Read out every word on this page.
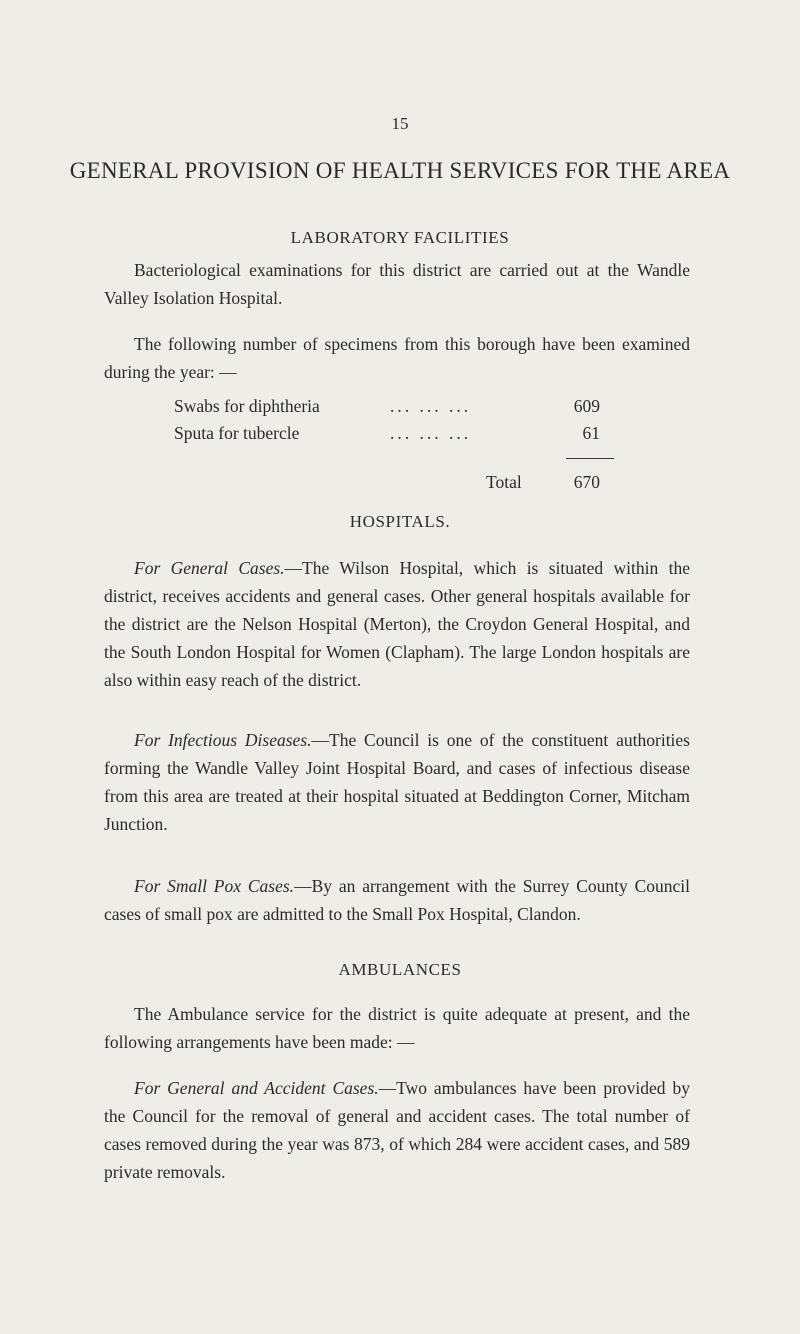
15
GENERAL PROVISION OF HEALTH SERVICES FOR THE AREA
LABORATORY FACILITIES

Bacteriological examinations for this district are carried out at the Wandle Valley Isolation Hospital.

The following number of specimens from this borough have been examined during the year: —

Swabs for diphtheria	... ... ...	609
Sputa for tubercle	... ... ...	61
Total	670
HOSPITALS.

For General Cases.—The Wilson Hospital, which is situated within the district, receives accidents and general cases. Other general hospitals available for the district are the Nelson Hospital (Merton), the Croydon General Hospital, and the South London Hospital for Women (Clapham). The large London hospitals are also within easy reach of the district.

For Infectious Diseases.—The Council is one of the constituent authorities forming the Wandle Valley Joint Hospital Board, and cases of infectious disease from this area are treated at their hospital situated at Beddington Corner, Mitcham Junction.

For Small Pox Cases.—By an arrangement with the Surrey County Council cases of small pox are admitted to the Small Pox Hospital, Clandon.

AMBULANCES

The Ambulance service for the district is quite adequate at present, and the following arrangements have been made: —

For General and Accident Cases.—Two ambulances have been provided by the Council for the removal of general and accident cases. The total number of cases removed during the year was 873, of which 284 were accident cases, and 589 private removals.
